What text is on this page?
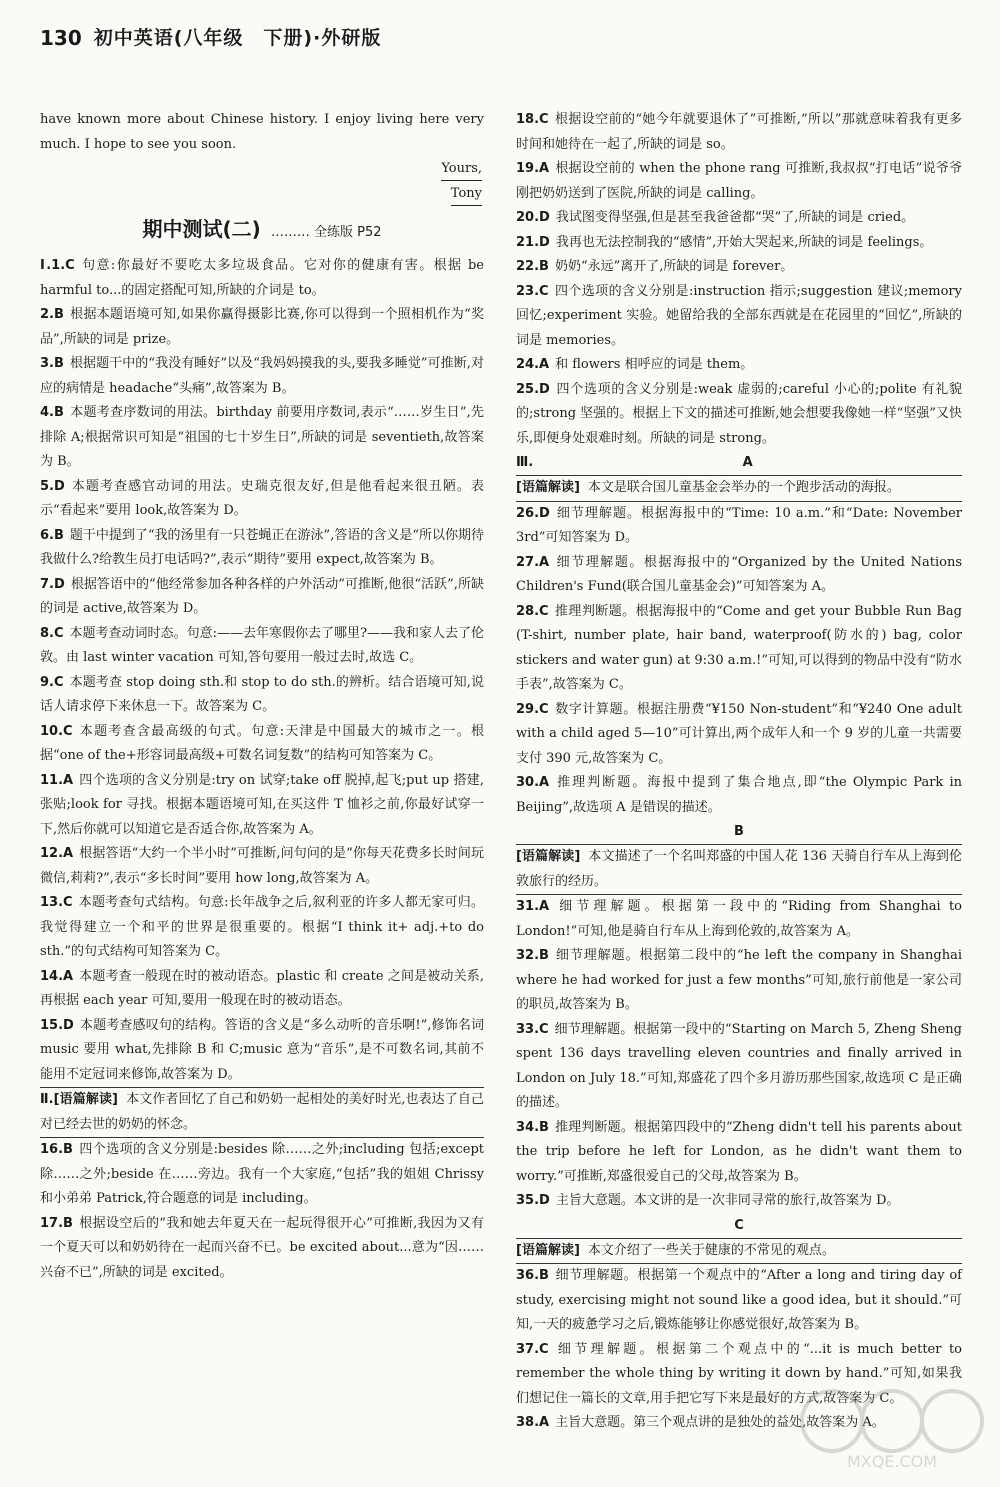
130 初中英语(八年级　下册)·外研版

have known more about Chinese history. I enjoy living here very much. I hope to see you soon.

Yours,
Tony
期中测试(二) ……… 全练版 P52

Ⅰ.1.C 句意:你最好不要吃太多垃圾食品。它对你的健康有害。根据 be harmful to...的固定搭配可知,所缺的介词是 to。

2.B 根据本题语境可知,如果你赢得摄影比赛,你可以得到一个照相机作为“奖品”,所缺的词是 prize。

3.B 根据题干中的“我没有睡好”以及“我妈妈摸我的头,要我多睡觉”可推断,对应的病情是 headache“头痛”,故答案为 B。

4.B 本题考查序数词的用法。birthday 前要用序数词,表示“……岁生日”,先排除 A;根据常识可知是“祖国的七十岁生日”,所缺的词是 seventieth,故答案为 B。

5.D 本题考查感官动词的用法。史瑞克很友好,但是他看起来很丑陋。表示“看起来”要用 look,故答案为 D。

6.B 题干中提到了“我的汤里有一只苍蝇正在游泳”,答语的含义是“所以你期待我做什么?给教生员打电话吗?”,表示“期待”要用 expect,故答案为 B。

7.D 根据答语中的“他经常参加各种各样的户外活动”可推断,他很“活跃”,所缺的词是 active,故答案为 D。

8.C 本题考查动词时态。句意:——去年寒假你去了哪里?——我和家人去了伦敦。由 last winter vacation 可知,答句要用一般过去时,故选 C。

9.C 本题考查 stop doing sth.和 stop to do sth.的辨析。结合语境可知,说话人请求停下来休息一下。故答案为 C。

10.C 本题考查含最高级的句式。句意:天津是中国最大的城市之一。根据“one of the+形容词最高级+可数名词复数”的结构可知答案为 C。

11.A 四个选项的含义分别是:try on 试穿;take off 脱掉,起飞;put up 搭建,张贴;look for 寻找。根据本题语境可知,在买这件 T 恤衫之前,你最好试穿一下,然后你就可以知道它是否适合你,故答案为 A。

12.A 根据答语“大约一个半小时”可推断,问句问的是“你每天花费多长时间玩微信,莉莉?”,表示“多长时间”要用 how long,故答案为 A。

13.C 本题考查句式结构。句意:长年战争之后,叙利亚的许多人都无家可归。我觉得建立一个和平的世界是很重要的。根据“I think it+ adj.+to do sth.”的句式结构可知答案为 C。

14.A 本题考查一般现在时的被动语态。plastic 和 create 之间是被动关系,再根据 each year 可知,要用一般现在时的被动语态。

15.D 本题考查感叹句的结构。答语的含义是“多么动听的音乐啊!”,修饰名词 music 要用 what,先排除 B 和 C;music 意为“音乐”,是不可数名词,其前不能用不定冠词来修饰,故答案为 D。

Ⅱ.[语篇解读] 本文作者回忆了自己和奶奶一起相处的美好时光,也表达了自己对已经去世的奶奶的怀念。

16.B 四个选项的含义分别是:besides 除……之外;including 包括;except 除……之外;beside 在……旁边。我有一个大家庭,“包括”我的姐姐 Chrissy 和小弟弟 Patrick,符合题意的词是 including。

17.B 根据设空后的“我和她去年夏天在一起玩得很开心”可推断,我因为又有一个夏天可以和奶奶待在一起而兴奋不已。be excited about...意为“因……兴奋不已”,所缺的词是 excited。

18.C 根据设空前的“她今年就要退休了”可推断,“所以”那就意味着我有更多时间和她待在一起了,所缺的词是 so。

19.A 根据设空前的 when the phone rang 可推断,我叔叔“打电话”说爷爷刚把奶奶送到了医院,所缺的词是 calling。

20.D 我试图变得坚强,但是甚至我爸爸都“哭”了,所缺的词是 cried。

21.D 我再也无法控制我的“感情”,开始大哭起来,所缺的词是 feelings。

22.B 奶奶“永远”离开了,所缺的词是 forever。

23.C 四个选项的含义分别是:instruction 指示;suggestion 建议;memory 回忆;experiment 实验。她留给我的全部东西就是在花园里的“回忆”,所缺的词是 memories。

24.A 和 flowers 相呼应的词是 them。

25.D 四个选项的含义分别是:weak 虚弱的;careful 小心的;polite 有礼貌的;strong 坚强的。根据上下文的描述可推断,她会想要我像她一样“坚强”又快乐,即便身处艰难时刻。所缺的词是 strong。

Ⅲ.	A

[语篇解读] 本文是联合国儿童基金会举办的一个跑步活动的海报。

26.D 细节理解题。根据海报中的“Time: 10 a.m.”和“Date: November 3rd”可知答案为 D。

27.A 细节理解题。根据海报中的“Organized by the United Nations Children's Fund(联合国儿童基金会)”可知答案为 A。

28.C 推理判断题。根据海报中的“Come and get your Bubble Run Bag (T-shirt, number plate, hair band, waterproof(防水的) bag, color stickers and water gun) at 9:30 a.m.!”可知,可以得到的物品中没有“防水手表”,故答案为 C。

29.C 数字计算题。根据注册费“¥150 Non-student”和“¥240 One adult with a child aged 5—10”可计算出,两个成年人和一个 9 岁的儿童一共需要支付 390 元,故答案为 C。

30.A 推理判断题。海报中提到了集合地点,即“the Olympic Park in Beijing”,故选项 A 是错误的描述。

B

[语篇解读] 本文描述了一个名叫郑盛的中国人花 136 天骑自行车从上海到伦敦旅行的经历。

31.A 细节理解题。根据第一段中的“Riding from Shanghai to London!”可知,他是骑自行车从上海到伦敦的,故答案为 A。

32.B 细节理解题。根据第二段中的“he left the company in Shanghai where he had worked for just a few months”可知,旅行前他是一家公司的职员,故答案为 B。

33.C 细节理解题。根据第一段中的“Starting on March 5, Zheng Sheng spent 136 days travelling eleven countries and finally arrived in London on July 18.”可知,郑盛花了四个多月游历那些国家,故选项 C 是正确的描述。

34.B 推理判断题。根据第四段中的“Zheng didn't tell his parents about the trip before he left for London, as he didn't want them to worry.”可推断,郑盛很爱自己的父母,故答案为 B。

35.D 主旨大意题。本文讲的是一次非同寻常的旅行,故答案为 D。

C

[语篇解读] 本文介绍了一些关于健康的不常见的观点。

36.B 细节理解题。根据第一个观点中的“After a long and tiring day of study, exercising might not sound like a good idea, but it should.”可知,一天的疲惫学习之后,锻炼能够让你感觉很好,故答案为 B。

37.C 细节理解题。根据第二个观点中的“...it is much better to remember the whole thing by writing it down by hand.”可知,如果我们想记住一篇长的文章,用手把它写下来是最好的方式,故答案为 C。

38.A 主旨大意题。第三个观点讲的是独处的益处,故答案为 A。

MXQE.COM
